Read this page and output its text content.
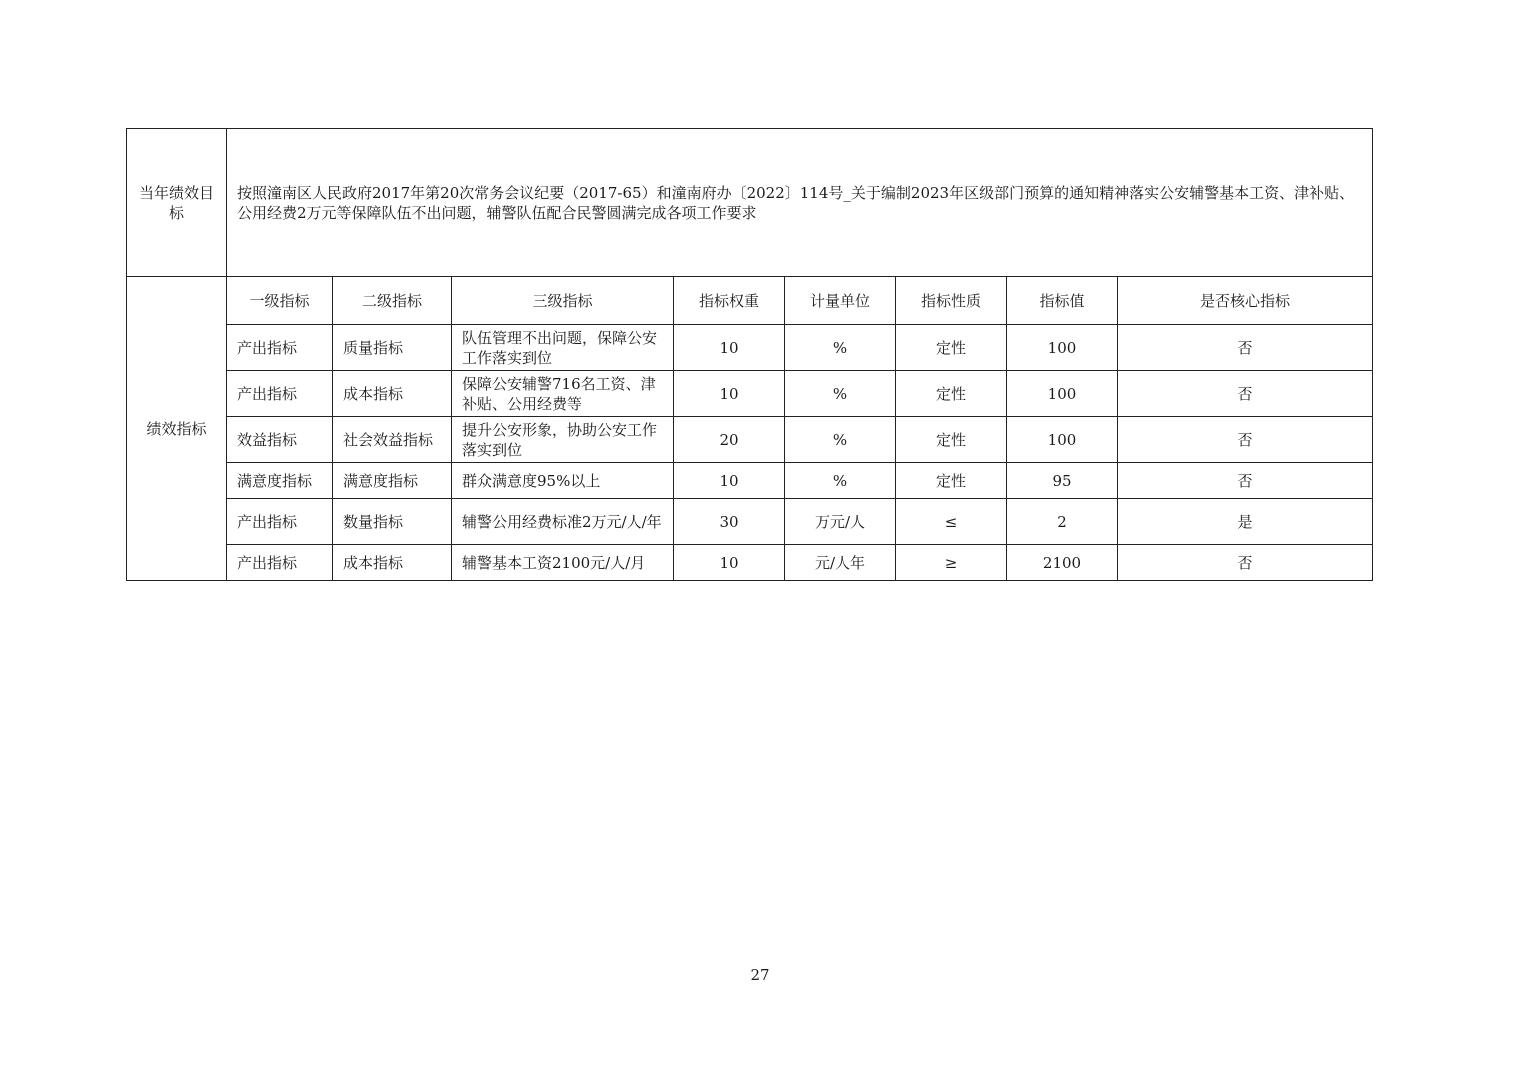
当年绩效目标	按照潼南区人民政府2017年第20次常务会议纪要（2017-65）和潼南府办〔2022〕114号_关于编制2023年区级部门预算的通知精神落实公安辅警基本工资、津补贴、公用经费2万元等保障队伍不出问题，辅警队伍配合民警圆满完成各项工作要求							
绩效指标	一级指标	二级指标	三级指标	指标权重	计量单位	指标性质	指标值	是否核心指标
	产出指标	质量指标	队伍管理不出问题，保障公安工作落实到位	10	%	定性	100	否
	产出指标	成本指标	保障公安辅警716名工资、津补贴、公用经费等	10	%	定性	100	否
	效益指标	社会效益指标	提升公安形象，协助公安工作落实到位	20	%	定性	100	否
	满意度指标	满意度指标	群众满意度95%以上	10	%	定性	95	否
	产出指标	数量指标	辅警公用经费标准2万元/人/年	30	万元/人	≤	2	是
	产出指标	成本指标	辅警基本工资2100元/人/月	10	元/人年	≥	2100	否
27
